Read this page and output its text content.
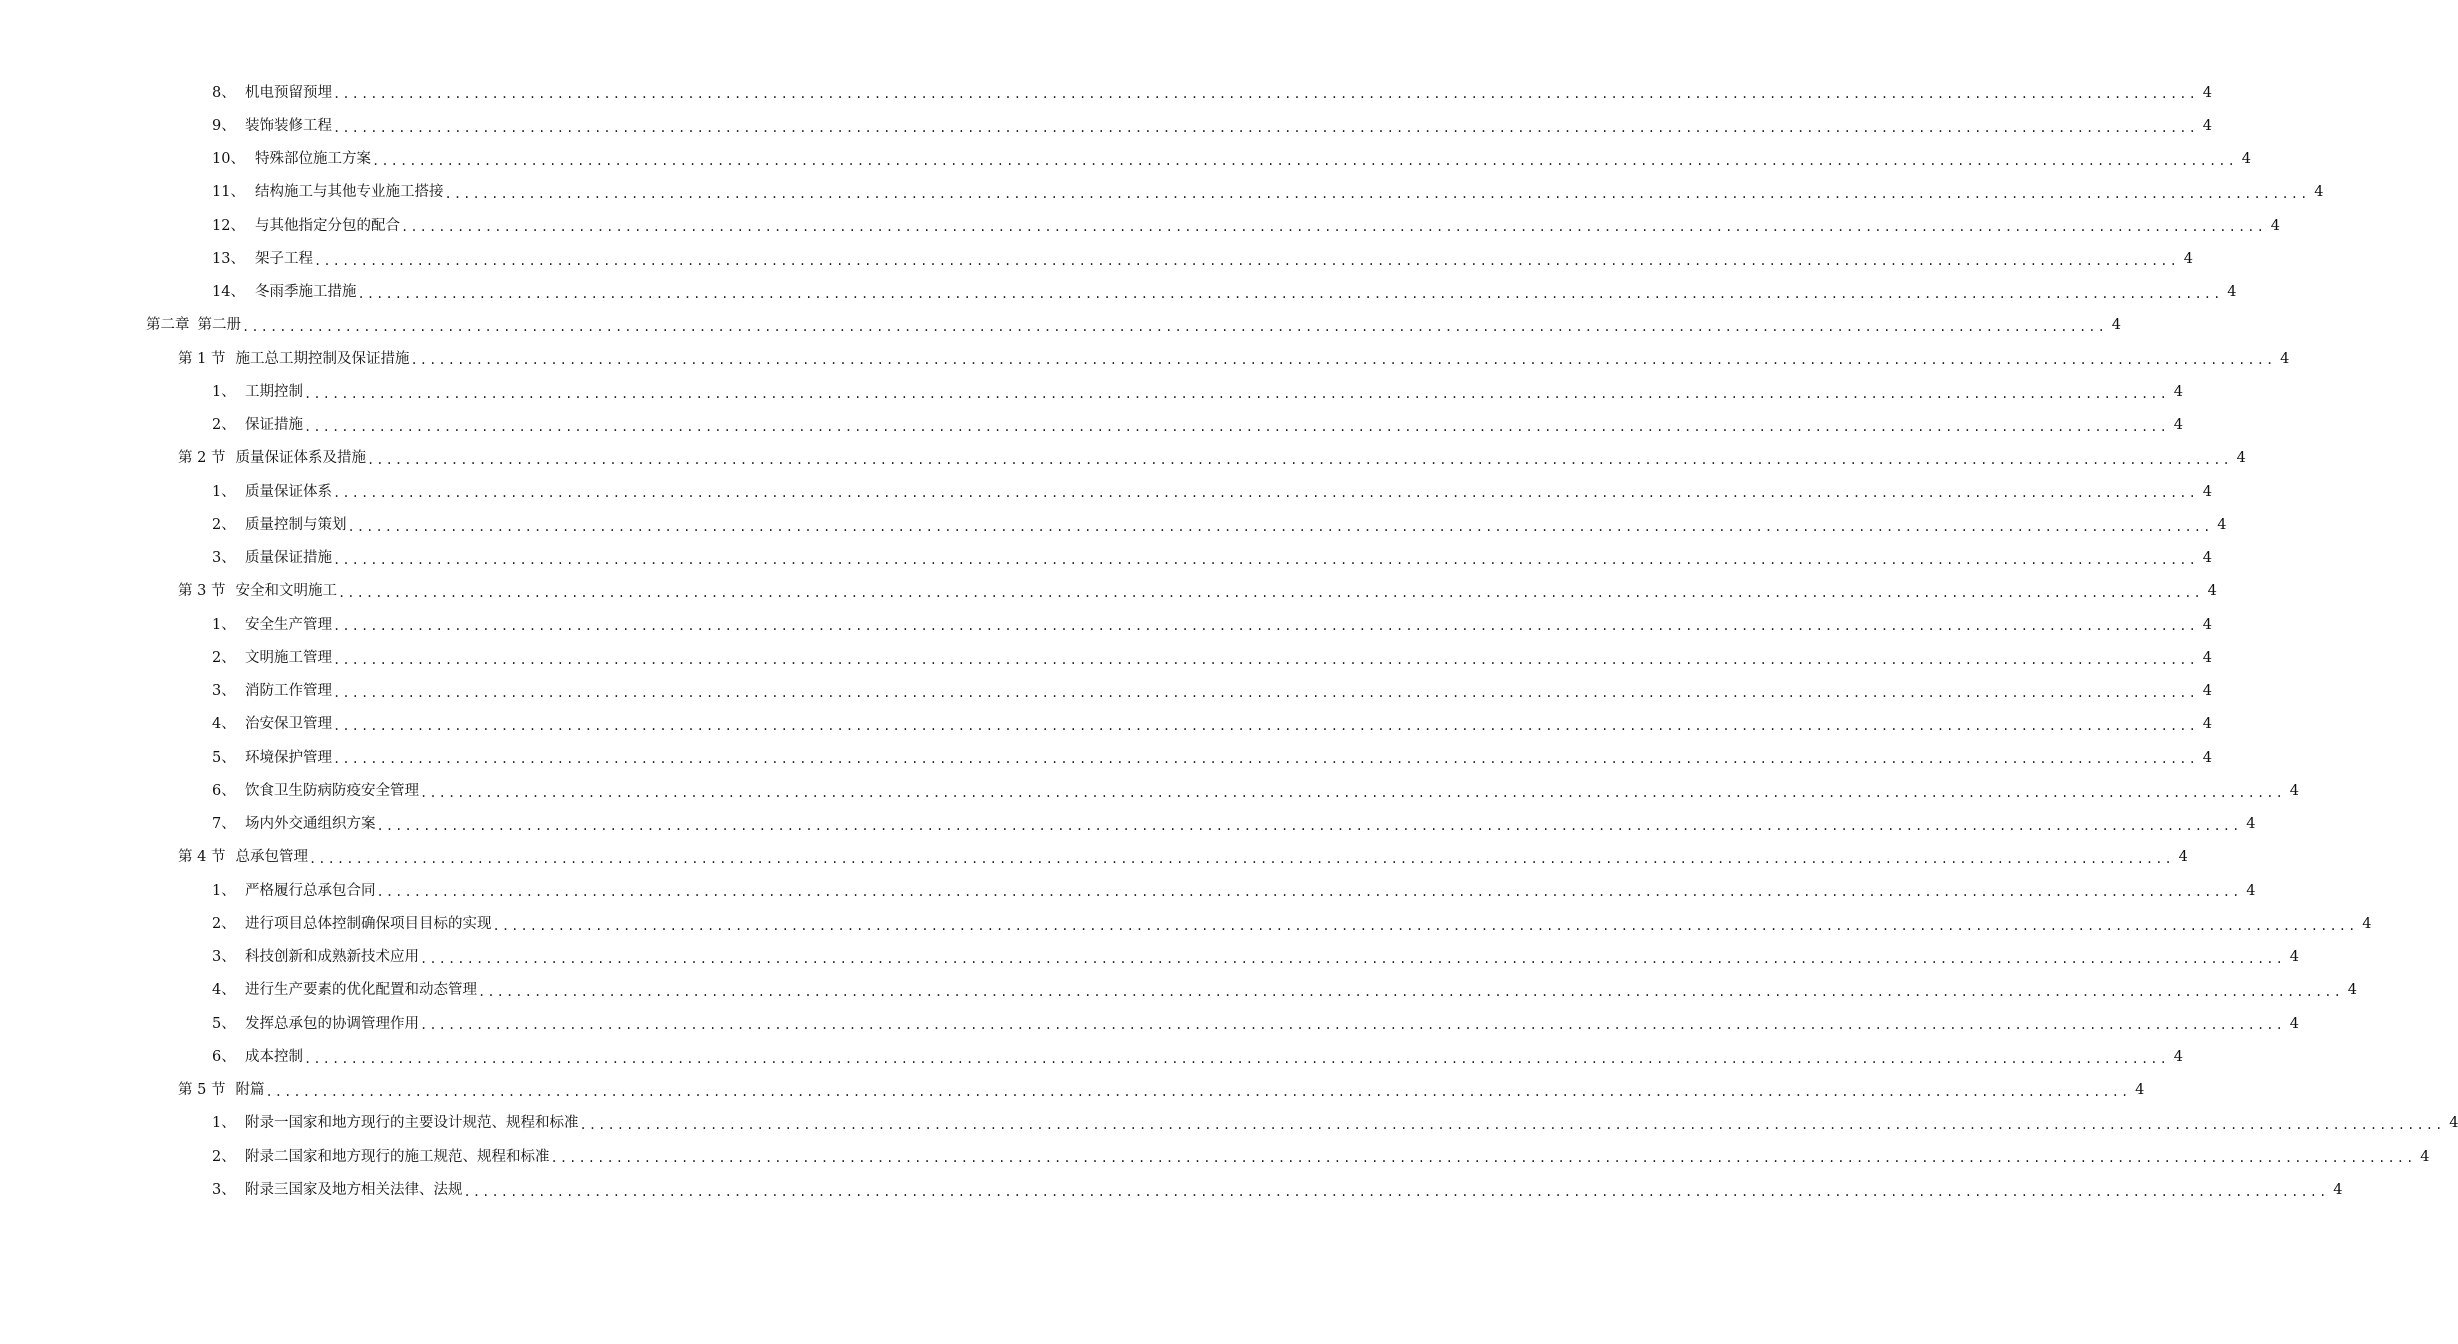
8、 机电预留预埋 ........................................................................................................................................................................................................ 4
9、 装饰装修工程 ........................................................................................................................................................................................................ 4
10、 特殊部位施工方案 ........................................................................................................................................................................................................ 4
11、 结构施工与其他专业施工搭接 ........................................................................................................................................................................................................ 4
12、 与其他指定分包的配合 ........................................................................................................................................................................................................ 4
13、 架子工程 ........................................................................................................................................................................................................ 4
14、 冬雨季施工措施 ........................................................................................................................................................................................................ 4
第二章 第二册 ........................................................................................................................................................................................................ 4
第 1 节 施工总工期控制及保证措施 ........................................................................................................................................................................................................ 4
1、 工期控制 ........................................................................................................................................................................................................ 4
2、 保证措施 ........................................................................................................................................................................................................ 4
第 2 节 质量保证体系及措施 ........................................................................................................................................................................................................ 4
1、 质量保证体系 ........................................................................................................................................................................................................ 4
2、 质量控制与策划 ........................................................................................................................................................................................................ 4
3、 质量保证措施 ........................................................................................................................................................................................................ 4
第 3 节 安全和文明施工 ........................................................................................................................................................................................................ 4
1、 安全生产管理 ........................................................................................................................................................................................................ 4
2、 文明施工管理 ........................................................................................................................................................................................................ 4
3、 消防工作管理 ........................................................................................................................................................................................................ 4
4、 治安保卫管理 ........................................................................................................................................................................................................ 4
5、 环境保护管理 ........................................................................................................................................................................................................ 4
6、 饮食卫生防病防疫安全管理 ........................................................................................................................................................................................................ 4
7、 场内外交通组织方案 ........................................................................................................................................................................................................ 4
第 4 节 总承包管理 ........................................................................................................................................................................................................ 4
1、 严格履行总承包合同 ........................................................................................................................................................................................................ 4
2、 进行项目总体控制确保项目目标的实现 ........................................................................................................................................................................................................ 4
3、 科技创新和成熟新技术应用 ........................................................................................................................................................................................................ 4
4、 进行生产要素的优化配置和动态管理 ........................................................................................................................................................................................................ 4
5、 发挥总承包的协调管理作用 ........................................................................................................................................................................................................ 4
6、 成本控制 ........................................................................................................................................................................................................ 4
第 5 节 附篇 ........................................................................................................................................................................................................ 4
1、 附录一国家和地方现行的主要设计规范、规程和标准 ........................................................................................................................................................................................................ 4
2、 附录二国家和地方现行的施工规范、规程和标准 ........................................................................................................................................................................................................ 4
3、 附录三国家及地方相关法律、法规 ........................................................................................................................................................................................................ 4
